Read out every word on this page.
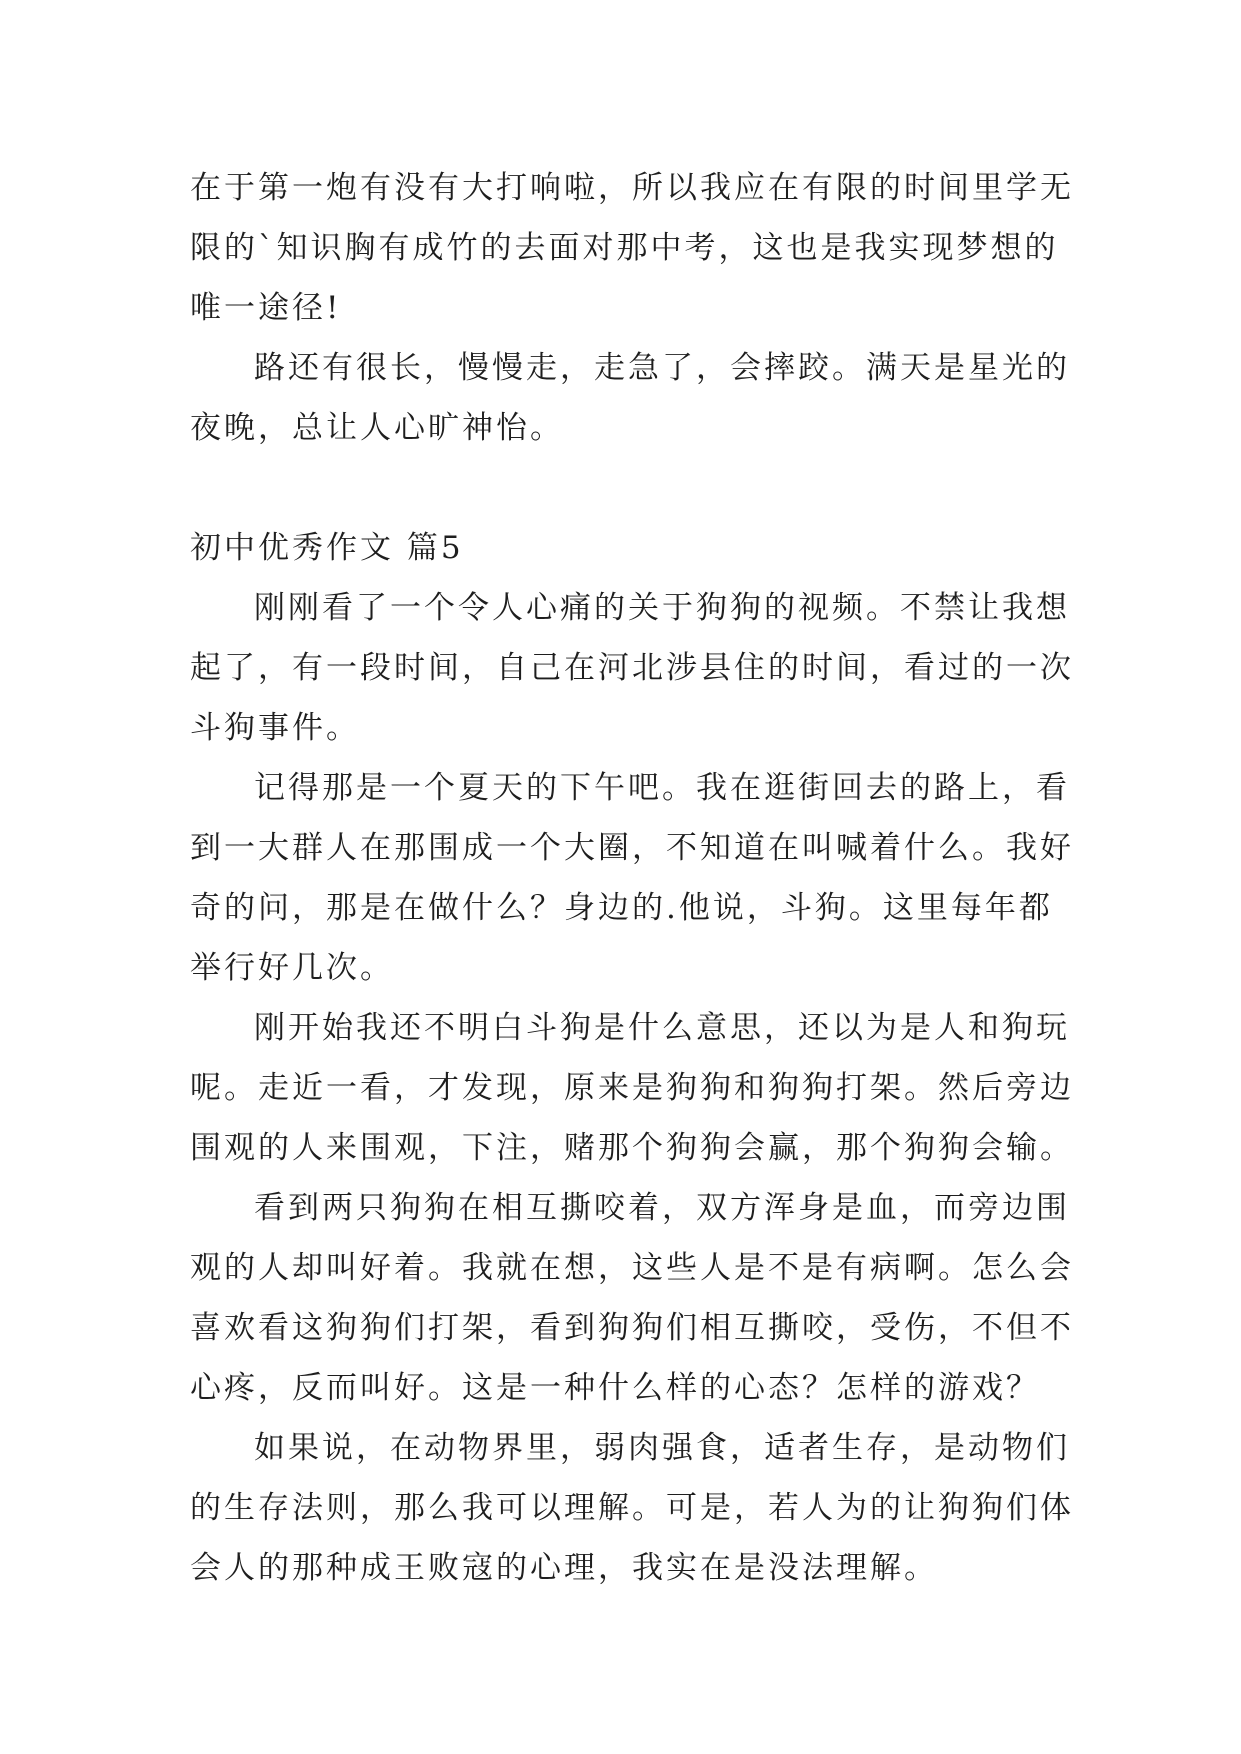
在于第一炮有没有大打响啦，所以我应在有限的时间里学无
限的`知识胸有成竹的去面对那中考，这也是我实现梦想的
唯一途径!
路还有很长，慢慢走，走急了，会摔跤。满天是星光的
夜晚，总让人心旷神怡。
初中优秀作文 篇5
刚刚看了一个令人心痛的关于狗狗的视频。不禁让我想
起了，有一段时间，自己在河北涉县住的时间，看过的一次
斗狗事件。
记得那是一个夏天的下午吧。我在逛街回去的路上，看
到一大群人在那围成一个大圈，不知道在叫喊着什么。我好
奇的问，那是在做什么？身边的.他说，斗狗。这里每年都
举行好几次。
刚开始我还不明白斗狗是什么意思，还以为是人和狗玩
呢。走近一看，才发现，原来是狗狗和狗狗打架。然后旁边
围观的人来围观，下注，赌那个狗狗会赢，那个狗狗会输。
看到两只狗狗在相互撕咬着，双方浑身是血，而旁边围
观的人却叫好着。我就在想，这些人是不是有病啊。怎么会
喜欢看这狗狗们打架，看到狗狗们相互撕咬，受伤，不但不
心疼，反而叫好。这是一种什么样的心态？怎样的游戏？
如果说，在动物界里，弱肉强食，适者生存，是动物们
的生存法则，那么我可以理解。可是，若人为的让狗狗们体
会人的那种成王败寇的心理，我实在是没法理解。
